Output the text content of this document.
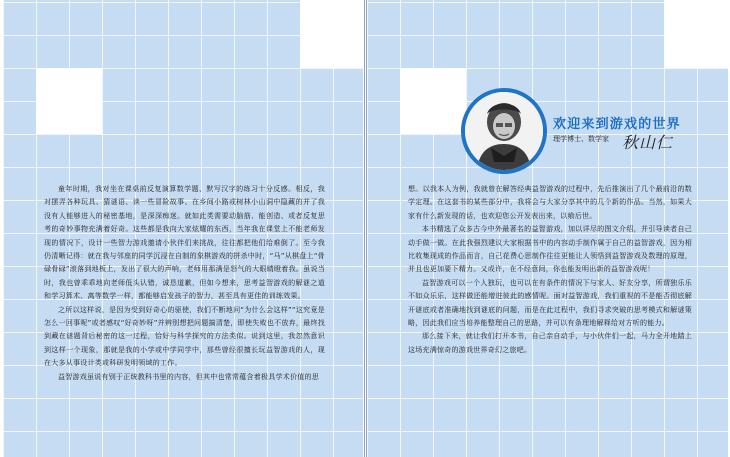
童年时期，我对坐在课桌前反复演算数学题、默写汉字的练习十分反感。相反，我对摆弄各种玩具、猜谜语、读一些冒险故事、在乡间小路或树林小山洞中隐藏的并了我没有人能够进入的秘密基地，是深深痴迷。就如此类需要动脑筋、能创造、或者反复思考的奇妙事物充满着好奇。这些都是我向大家炫耀的东西，当年我在课堂上不能老师发现的情况下，设计一些智力游戏邀请小伙伴们来挑战，往往都把他们给难倒了。至今我仍清晰记得：就在我与邻座的同学沉浸在自制的象棋游戏的拼杀中时，“马”从棋盘上“骨碌骨碌”滚落到地板上，发出了很大的声响，老师用那满是怒气的大眼睛瞪着我。虽说当时，我也曾乖乖地向老师低头认错，诚恳道歉，但如今想来，思考益智游戏的解谜之道和学习算术、离等数学一样，都能够启发孩子的智力，甚至具有更佳的训练效果。

之所以这样说，是因为受到好奇心的驱使，我们不断地问“为什么会这样”“这究竟是怎么一回事呢”或者感叹“好奇妙呀”并辨别想把问题搞清楚，即使失败也不放弃，最终找到藏在谜题背后秘密的这一过程，恰好与科学探究的方法类似。说到这里，我忽然意识到这样一个现象，那就是我的小学或中学同学中，那些曾经很擅长玩益智游戏的人，现在大多从事设计类或科研发明领域的工作。

益智游戏虽说有别于正统教科书里的内容，但其中也常常蕴含着极具学术价值的思

欢迎来到游戏的世界
理学博士、数学家 秋山仁

想。以我本人为例，我就曾在解答经典益智游戏的过程中，先后推演出了几个最前沿的数学定理。在这套书的某些部分中，我将会与大家分享其中的几个新的作品。当然，如果大家有什么新发现的话，也欢迎您公开发表出来，以飨后世。

本书精选了众多古今中外最著名的益智游戏，加以详尽的图文介绍，并引导读者自己动手做一做。在此我强烈建议大家根据书中的内容动手制作属于自己的益智游戏，因为相比收集现成的作品而言，自己花费心思制作往往更能让人领悟到益智游戏及数理的原理，并且也更加要下精力。又或许，在不经意间，你也能发明出新的益智游戏呢！

益智游戏可以一个人独玩，也可以在有条件的情况下与家人、好友分享，所谓独乐乐不如众乐乐，这样做还能增进彼此的感情呢。面对益智游戏，我们重视的不是能否彻底解开谜底或者准确地找到谜底的问题，而是在此过程中，我们寻求突破的思考模式和解谜策略，因此我们应当培养能整理自己的思路，并可以有条理地解释给对方听的能力。

那么接下来，就让我们打开本书，自己亲自动手，与小伙伴们一起，马力全开地踏上这场充满惊奇的游戏世界奇幻之旅吧。
